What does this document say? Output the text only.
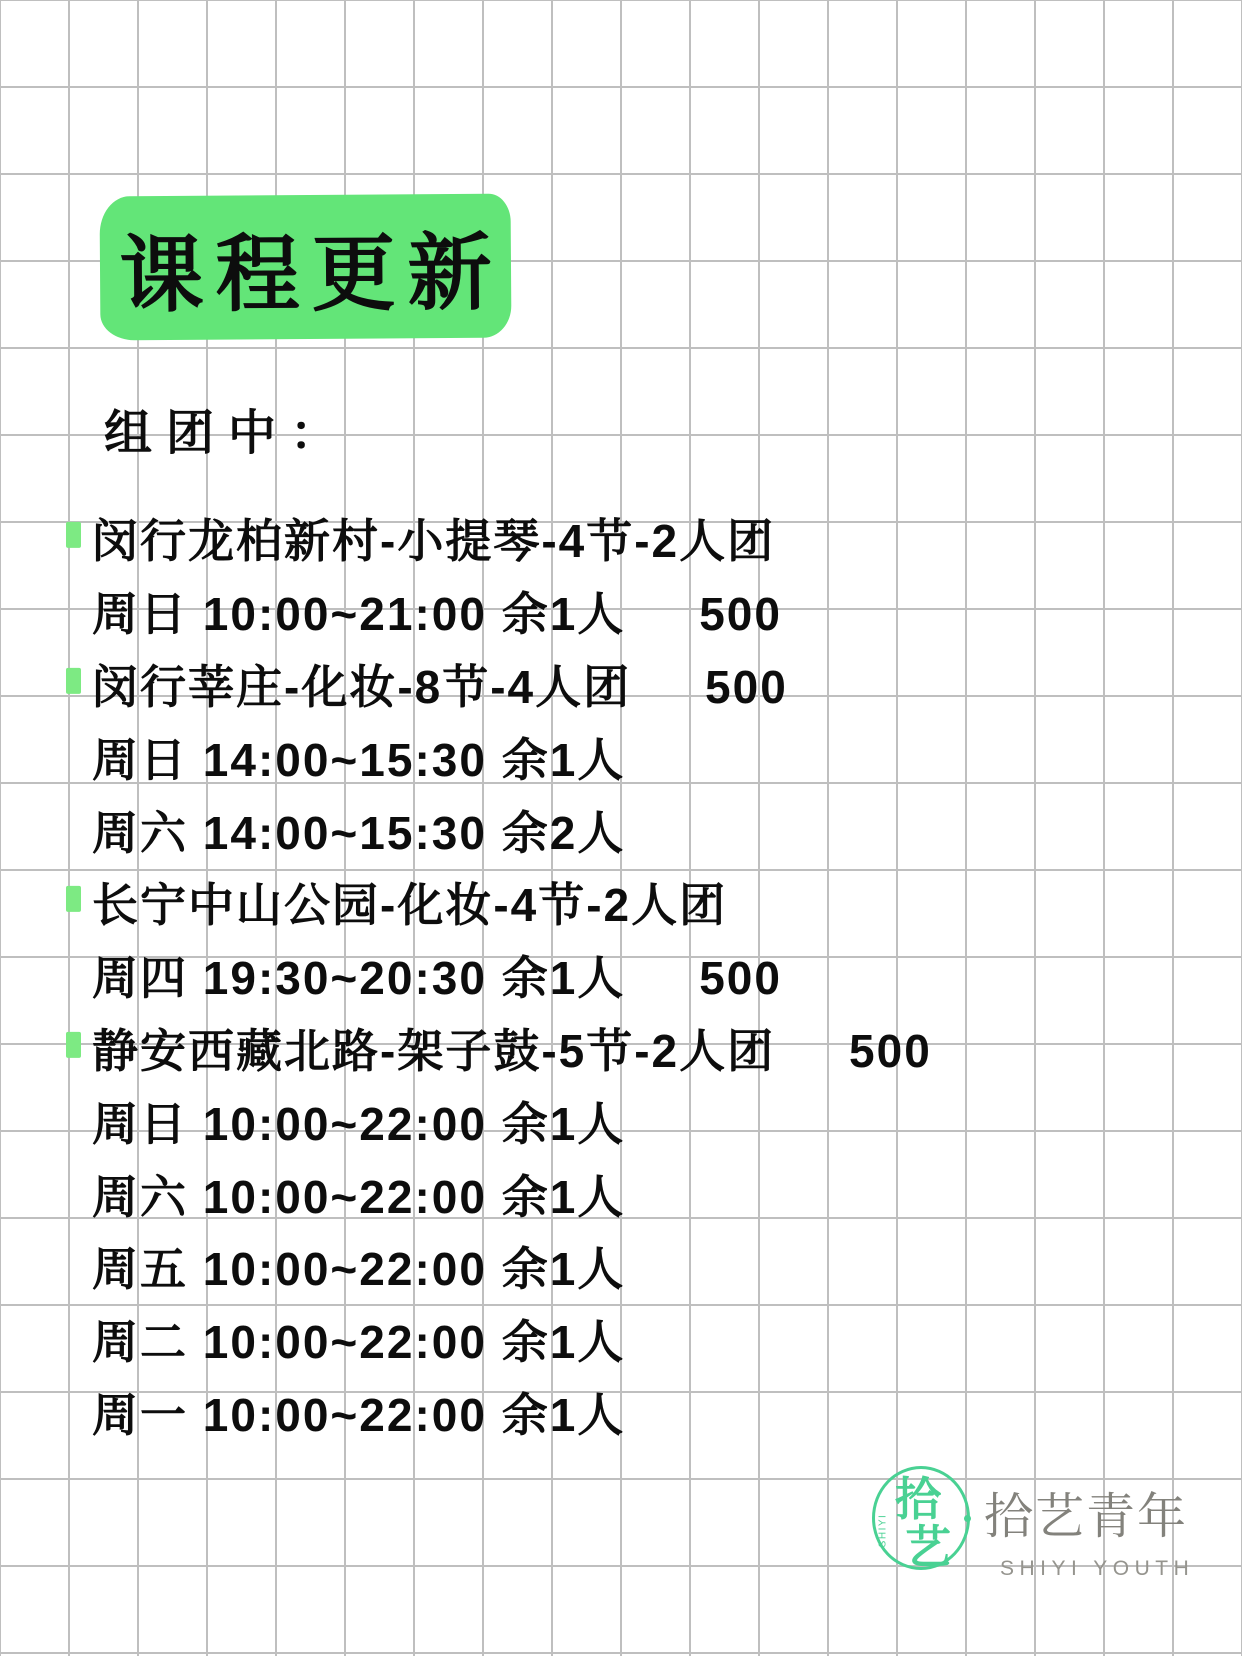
课程更新
组团中：
闵行龙柏新村-小提琴-4节-2人团
周日 10:00~21:00 余1人     500
闵行莘庄-化妆-8节-4人团     500
周日 14:00~15:30 余1人
周六 14:00~15:30 余2人
长宁中山公园-化妆-4节-2人团
周四 19:30~20:30 余1人     500
静安西藏北路-架子鼓-5节-2人团     500
周日 10:00~22:00 余1人
周六 10:00~22:00 余1人
周五 10:00~22:00 余1人
周二 10:00~22:00 余1人
周一 10:00~22:00 余1人
拾
艺
SHIYI 拾艺青年
SHIYI YOUTH
